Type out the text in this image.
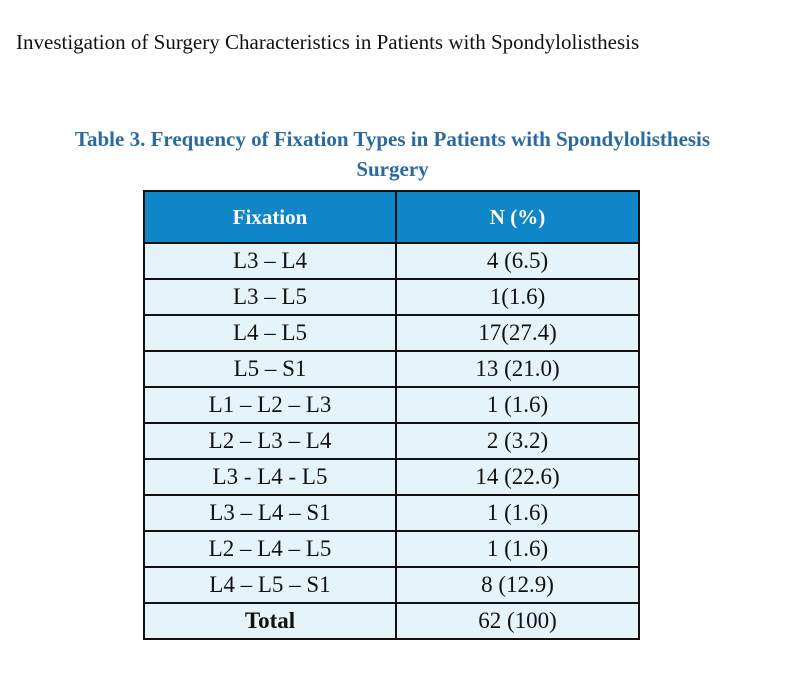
Investigation of Surgery Characteristics in Patients with Spondylolisthesis
Table 3. Frequency of Fixation Types in Patients with Spondylolisthesis
Surgery
Fixation	N (%)
L3 – L4	4 (6.5)
L3 – L5	1(1.6)
L4 – L5	17(27.4)
L5 – S1	13 (21.0)
L1 – L2 – L3	1 (1.6)
L2 – L3 – L4	2 (3.2)
L3 - L4 - L5	14 (22.6)
L3 – L4 – S1	1 (1.6)
L2 – L4 – L5	1 (1.6)
L4 – L5 – S1	8 (12.9)
Total	62 (100)
